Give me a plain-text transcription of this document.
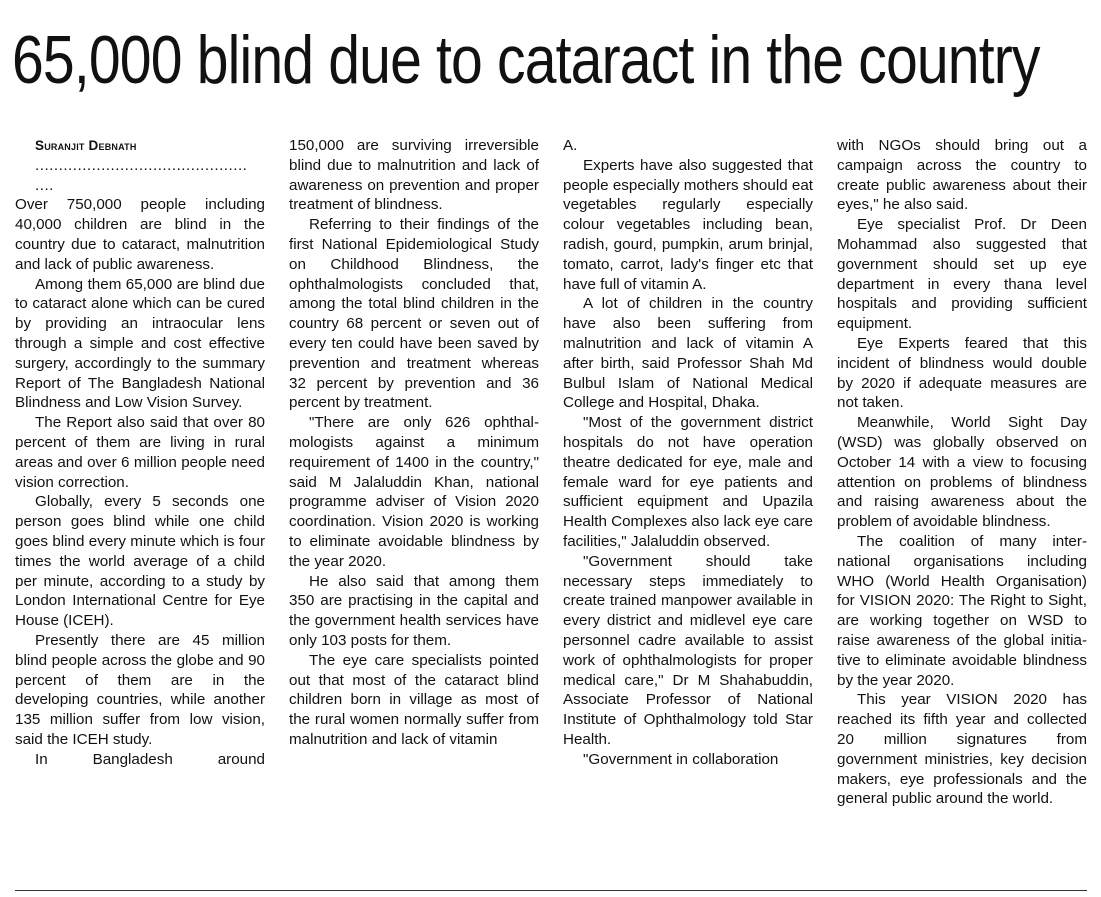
65,000 blind due to cataract in the country

Suranjit Debnath

.............................................

....

Over 750,000 people including 40,000 children are blind in the country due to cataract, malnutrition and lack of public awareness.

Among them 65,000 are blind due to cataract alone which can be cured by providing an intraocular lens through a simple and cost effective surgery, accordingly to the summary Report of The Bangladesh National Blindness and Low Vision Survey.

The Report also said that over 80 percent of them are living in rural areas and over 6 million people need vision correction.

Globally, every 5 seconds one person goes blind while one child goes blind every minute which is four times the world average of a child per minute, according to a study by London International Centre for Eye House (ICEH).

Presently there are 45 million blind people across the globe and 90 percent of them are in the developing countries, while another 135 million suffer from low vision, said the ICEH study.

In Bangladesh around

150,000 are surviving irreversible blind due to malnutrition and lack of awareness on prevention and proper treatment of blindness.

Referring to their findings of the first National Epidemiological Study on Childhood Blindness, the ophthalmologists concluded that, among the total blind children in the country 68 percent or seven out of every ten could have been saved by prevention and treatment whereas 32 percent by prevention and 36 percent by treatment.

"There are only 626 ophthalmologists against a minimum requirement of 1400 in the country," said M Jalaluddin Khan, national programme adviser of Vision 2020 coordination. Vision 2020 is working to eliminate avoidable blindness by the year 2020.

He also said that among them 350 are practising in the capital and the government health services have only 103 posts for them.

The eye care specialists pointed out that most of the cataract blind children born in village as most of the rural women normally suffer from malnutrition and lack of vitamin

A.

Experts have also suggested that people especially mothers should eat vegetables regularly especially colour vegetables including bean, radish, gourd, pumpkin, arum brinjal, tomato, carrot, lady's finger etc that have full of vitamin A.

A lot of children in the country have also been suffering from malnutrition and lack of vitamin A after birth, said Professor Shah Md Bulbul Islam of National Medical College and Hospital, Dhaka.

"Most of the government district hospitals do not have operation theatre dedicated for eye, male and female ward for eye patients and sufficient equipment and Upazila Health Complexes also lack eye care facilities," Jalaluddin observed.

"Government should take necessary steps immediately to create trained manpower available in every district and midlevel eye care personnel cadre available to assist work of ophthalmologists for proper medical care," Dr M Shahabuddin, Associate Professor of National Institute of Ophthalmology told Star Health.

"Government in collaboration

with NGOs should bring out a campaign across the country to create public awareness about their eyes," he also said.

Eye specialist Prof. Dr Deen Mohammad also suggested that government should set up eye department in every thana level hospitals and providing sufficient equipment.

Eye Experts feared that this incident of blindness would double by 2020 if adequate measures are not taken.

Meanwhile, World Sight Day (WSD) was globally observed on October 14 with a view to focusing attention on problems of blindness and raising awareness about the problem of avoidable blindness.

The coalition of many international organisations including WHO (World Health Organisation) for VISION 2020: The Right to Sight, are working together on WSD to raise awareness of the global initiative to eliminate avoidable blindness by the year 2020.

This year VISION 2020 has reached its fifth year and collected 20 million signatures from government ministries, key decision makers, eye professionals and the general public around the world.
